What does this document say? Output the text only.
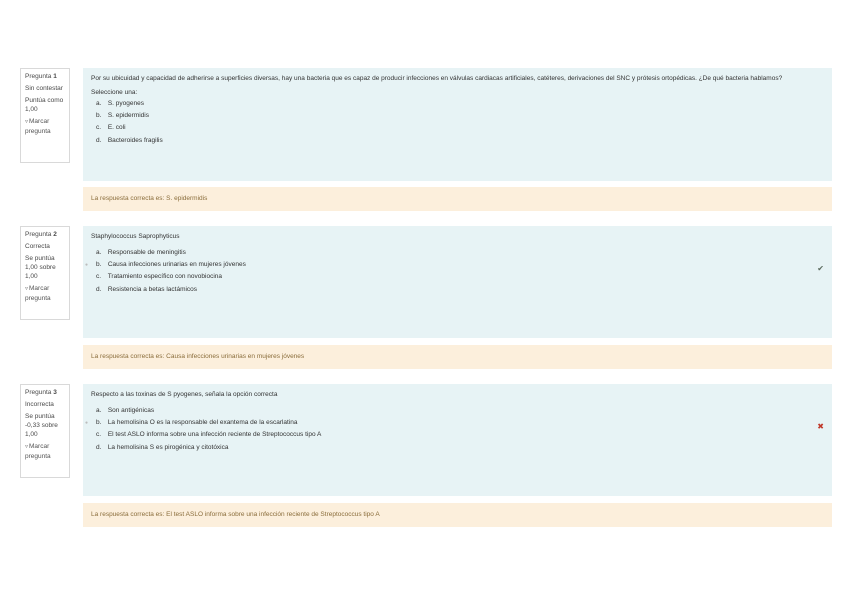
Pregunta 1
Sin contestar
Puntúa como 1,00
▿Marcar pregunta

Por su ubicuidad y capacidad de adherirse a superficies diversas, hay una bacteria que es capaz de producir infecciones en válvulas cardiacas artificiales, catéteres, derivaciones del SNC y prótesis ortopédicas. ¿De qué bacteria hablamos?

Seleccione una:
a. S. pyogenes
b. S. epidermidis
c. E. coli
d. Bacteroides fragilis
La respuesta correcta es: S. epidermidis
Pregunta 2
Correcta
Se puntúa 1,00 sobre 1,00
▿Marcar pregunta

Staphylococcus Saprophyticus

a. Responsable de meningitis
● b. Causa infecciones urinarias en mujeres jóvenes
c. Tratamiento específico con novobiocina
d. Resistencia a betas lactámicos
✔
La respuesta correcta es: Causa infecciones urinarias en mujeres jóvenes
Pregunta 3
Incorrecta
Se puntúa -0,33 sobre 1,00
▿Marcar pregunta

Respecto a las toxinas de S pyogenes, señala la opción correcta

a. Son antigénicas
● b. La hemolisina O es la responsable del exantema de la escarlatina
c. El test ASLO informa sobre una infección reciente de Streptococcus tipo A
d. La hemolisina S es pirogénica y citotóxica
✖
La respuesta correcta es: El test ASLO informa sobre una infección reciente de Streptococcus tipo A
